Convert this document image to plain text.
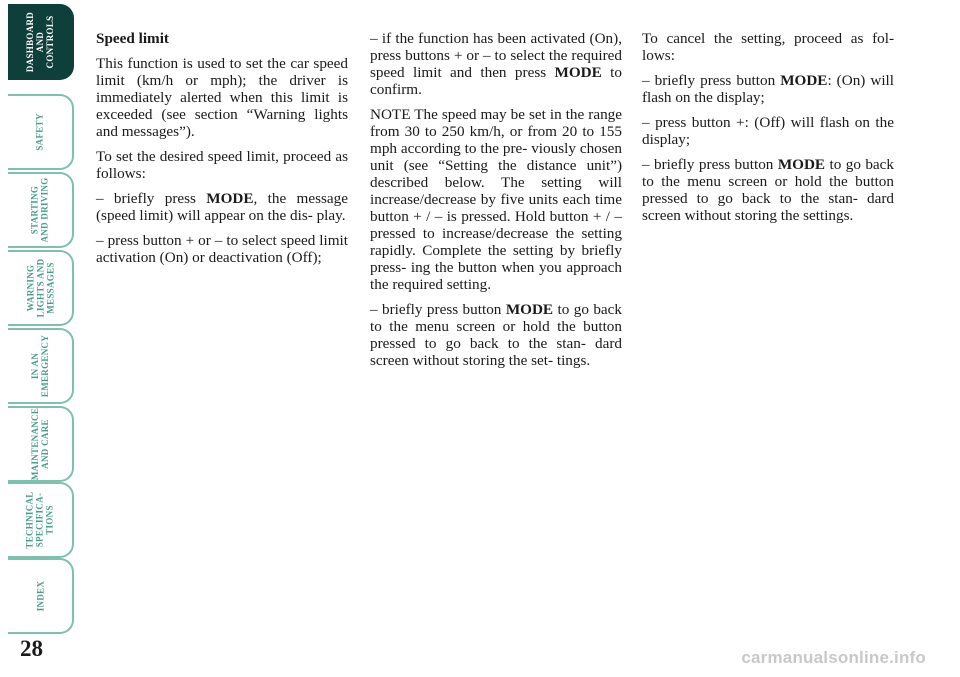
DASHBOARD
AND
CONTROLS
SAFETY
STARTING
AND DRIVING
WARNING
LIGHTS AND
MESSAGES
IN AN
EMERGENCY
MAINTENANCE
AND CARE
TECHNICAL
SPECIFICA-
TIONS
INDEX
28

Speed limit

This function is used to set the car speed limit (km/h or mph); the driver is immediately alerted when this limit is exceeded (see section “Warning lights and messages”).

To set the desired speed limit, proceed as follows:

– briefly press MODE, the message (speed limit) will appear on the dis- play.

– press button + or – to select speed limit activation (On) or deactivation (Off);

– if the function has been activated (On), press buttons + or – to select the required speed limit and then press MODE to confirm.

NOTE The speed may be set in the range from 30 to 250 km/h, or from 20 to 155 mph according to the pre- viously chosen unit (see “Setting the distance unit”) described below. The setting will increase/decrease by five units each time button + / – is pressed. Hold button + / – pressed to increase/decrease the setting rapidly. Complete the setting by briefly press- ing the button when you approach the required setting.

– briefly press button MODE to go back to the menu screen or hold the button pressed to go back to the stan- dard screen without storing the set- tings.

To cancel the setting, proceed as fol- lows:

– briefly press button MODE: (On) will flash on the display;

– press button +: (Off) will flash on the display;

– briefly press button MODE to go back to the menu screen or hold the button pressed to go back to the stan- dard screen without storing the settings.

carmanualsonline.info
